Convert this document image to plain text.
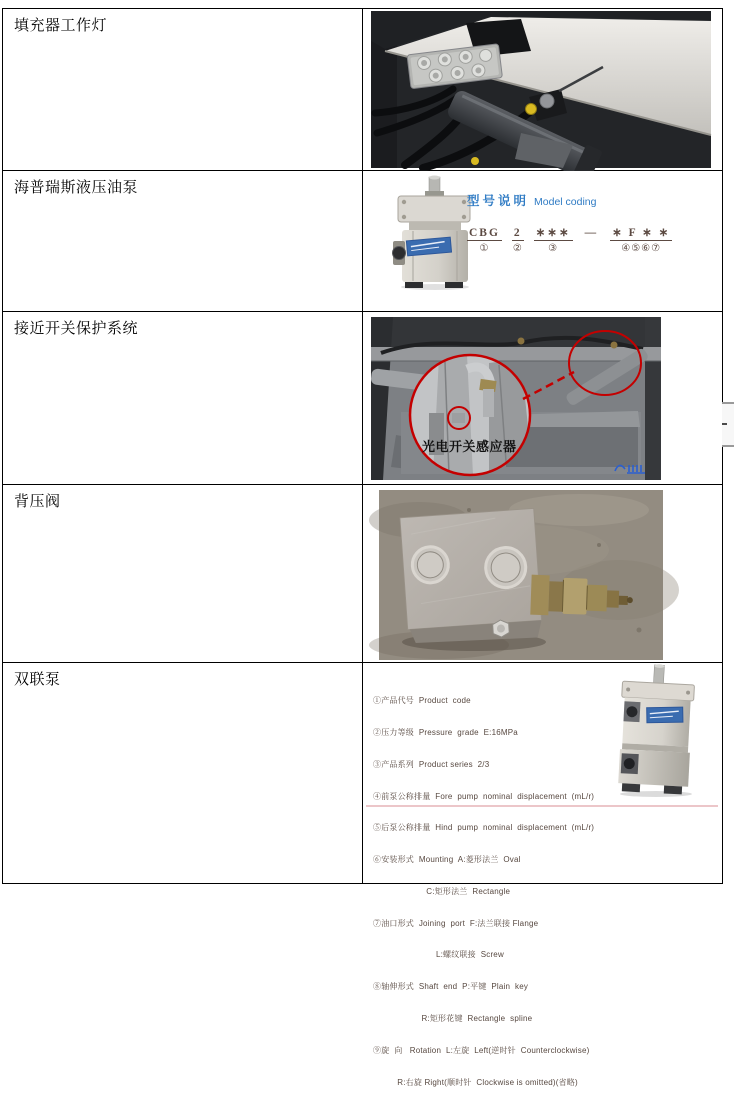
填充器工作灯
海普瑞斯液压油泵
型号说明 Model coding
CBG
①
2
②
∗∗∗
③
— ∗ F ∗ ∗
④⑤⑥⑦
接近开关保护系统
光电开关感应器
背压阀
双联泵

①产品代号  Product  code

②压力等级  Pressure  grade  E:16MPa

③产品系列  Product series  2/3

④前泵公称排量  Fore  pump  nominal  displacement  (mL/r)

⑤后泵公称排量  Hind  pump  nominal  displacement  (mL/r)

⑥安装形式  Mounting  A:菱形法兰  Oval

C:矩形法兰  Rectangle

⑦油口形式  Joining  port  F:法兰联接 Flange

L:螺纹联接  Screw

⑧轴伸形式  Shaft  end  P:平键  Plain  key

R:矩形花键  Rectangle  spline

⑨旋  向   Rotation  L:左旋  Left(逆时针  Counterclockwise)

R:右旋 Right(顺时针  Clockwise is omitted)(省略)
